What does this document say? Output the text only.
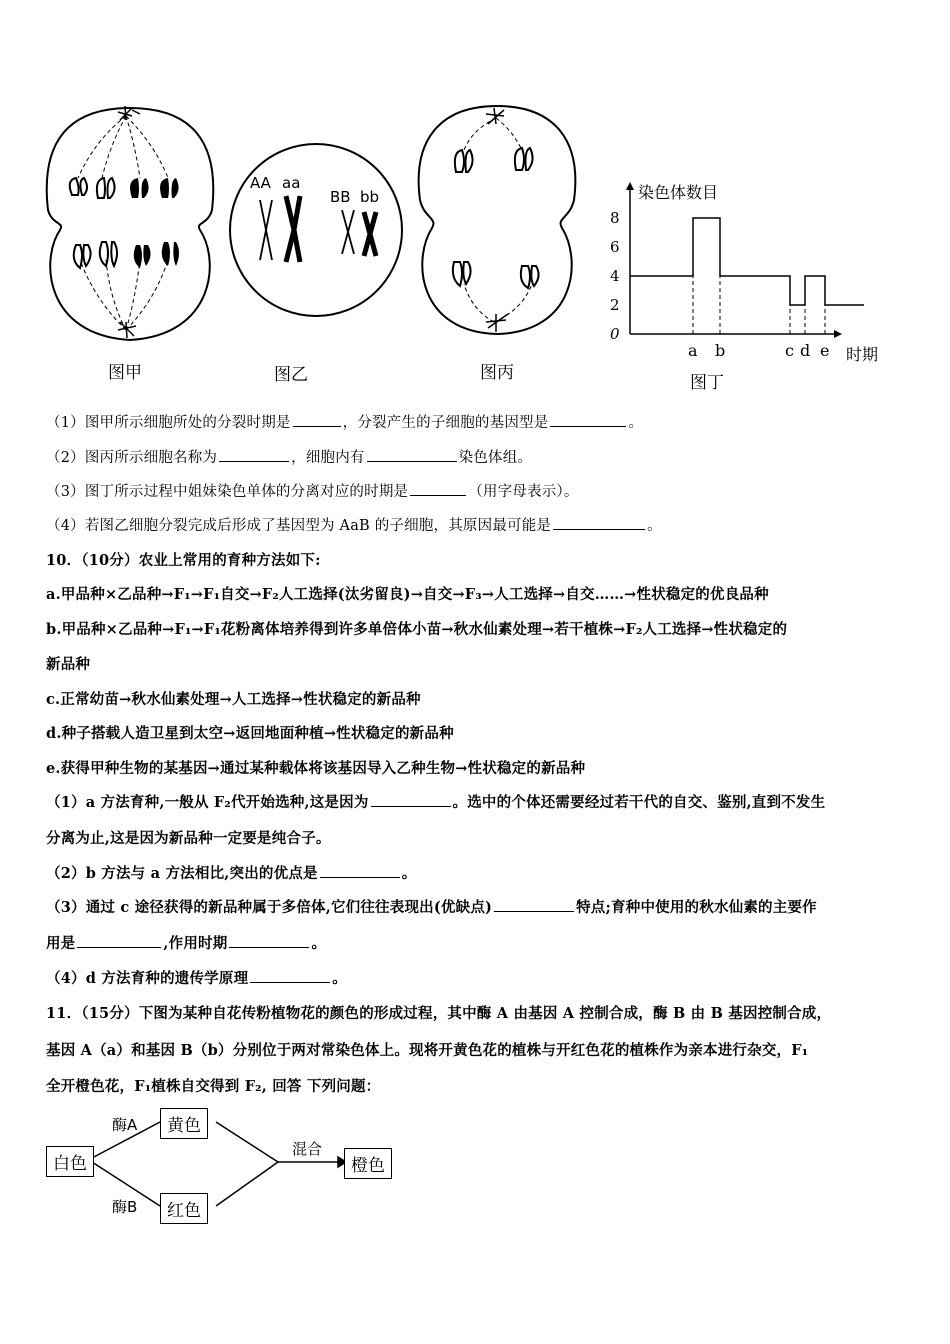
图甲
AA aa
BB bb
图乙	图丙
染色体数目
0
2
4
6
8
a b	c d e 时期
图丁
（1）图甲所示细胞所处的分裂时期是	，分裂产生的子细胞的基因型是	。
（2）图丙所示细胞名称为	，细胞内有	染色体组。
（3）图丁所示过程中姐妹染色单体的分离对应的时期是	（用字母表示）。
（4）若图乙细胞分裂完成后形成了基因型为 AaB 的子细胞，其原因最可能是	。
10．（10分）农业上常用的育种方法如下:
a.甲品种×乙品种→F₁→F₁自交→F₂人工选择(汰劣留良)→自交→F₃→人工选择→自交……→性状稳定的优良品种
b.甲品种×乙品种→F₁→F₁花粉离体培养得到许多单倍体小苗→秋水仙素处理→若干植株→F₂人工选择→性状稳定的
新品种
c.正常幼苗→秋水仙素处理→人工选择→性状稳定的新品种
d.种子搭载人造卫星到太空→返回地面种植→性状稳定的新品种
e.获得甲种生物的某基因→通过某种载体将该基因导入乙种生物→性状稳定的新品种
（1）a 方法育种,一般从 F₂代开始选种,这是因为	。选中的个体还需要经过若干代的自交、鉴别,直到不发生
分离为止,这是因为新品种一定要是纯合子。
（2）b 方法与 a 方法相比,突出的优点是	。
（3）通过 c 途径获得的新品种属于多倍体,它们往往表现出(优缺点)	特点;育种中使用的秋水仙素的主要作
用是	,作用时期	。
（4）d 方法育种的遗传学原理	。
11．（15分）下图为某种自花传粉植物花的颜色的形成过程，其中酶 A 由基因 A 控制合成，酶 B 由 B 基因控制合成，
基因 A（a）和基因 B（b）分别位于两对常染色体上。现将开黄色花的植株与开红色花的植株作为亲本进行杂交，F₁
全开橙色花，F₁植株自交得到 F₂, 回答 下列问题：
白色
黄色
红色
橙色
酶A
酶B
混合
